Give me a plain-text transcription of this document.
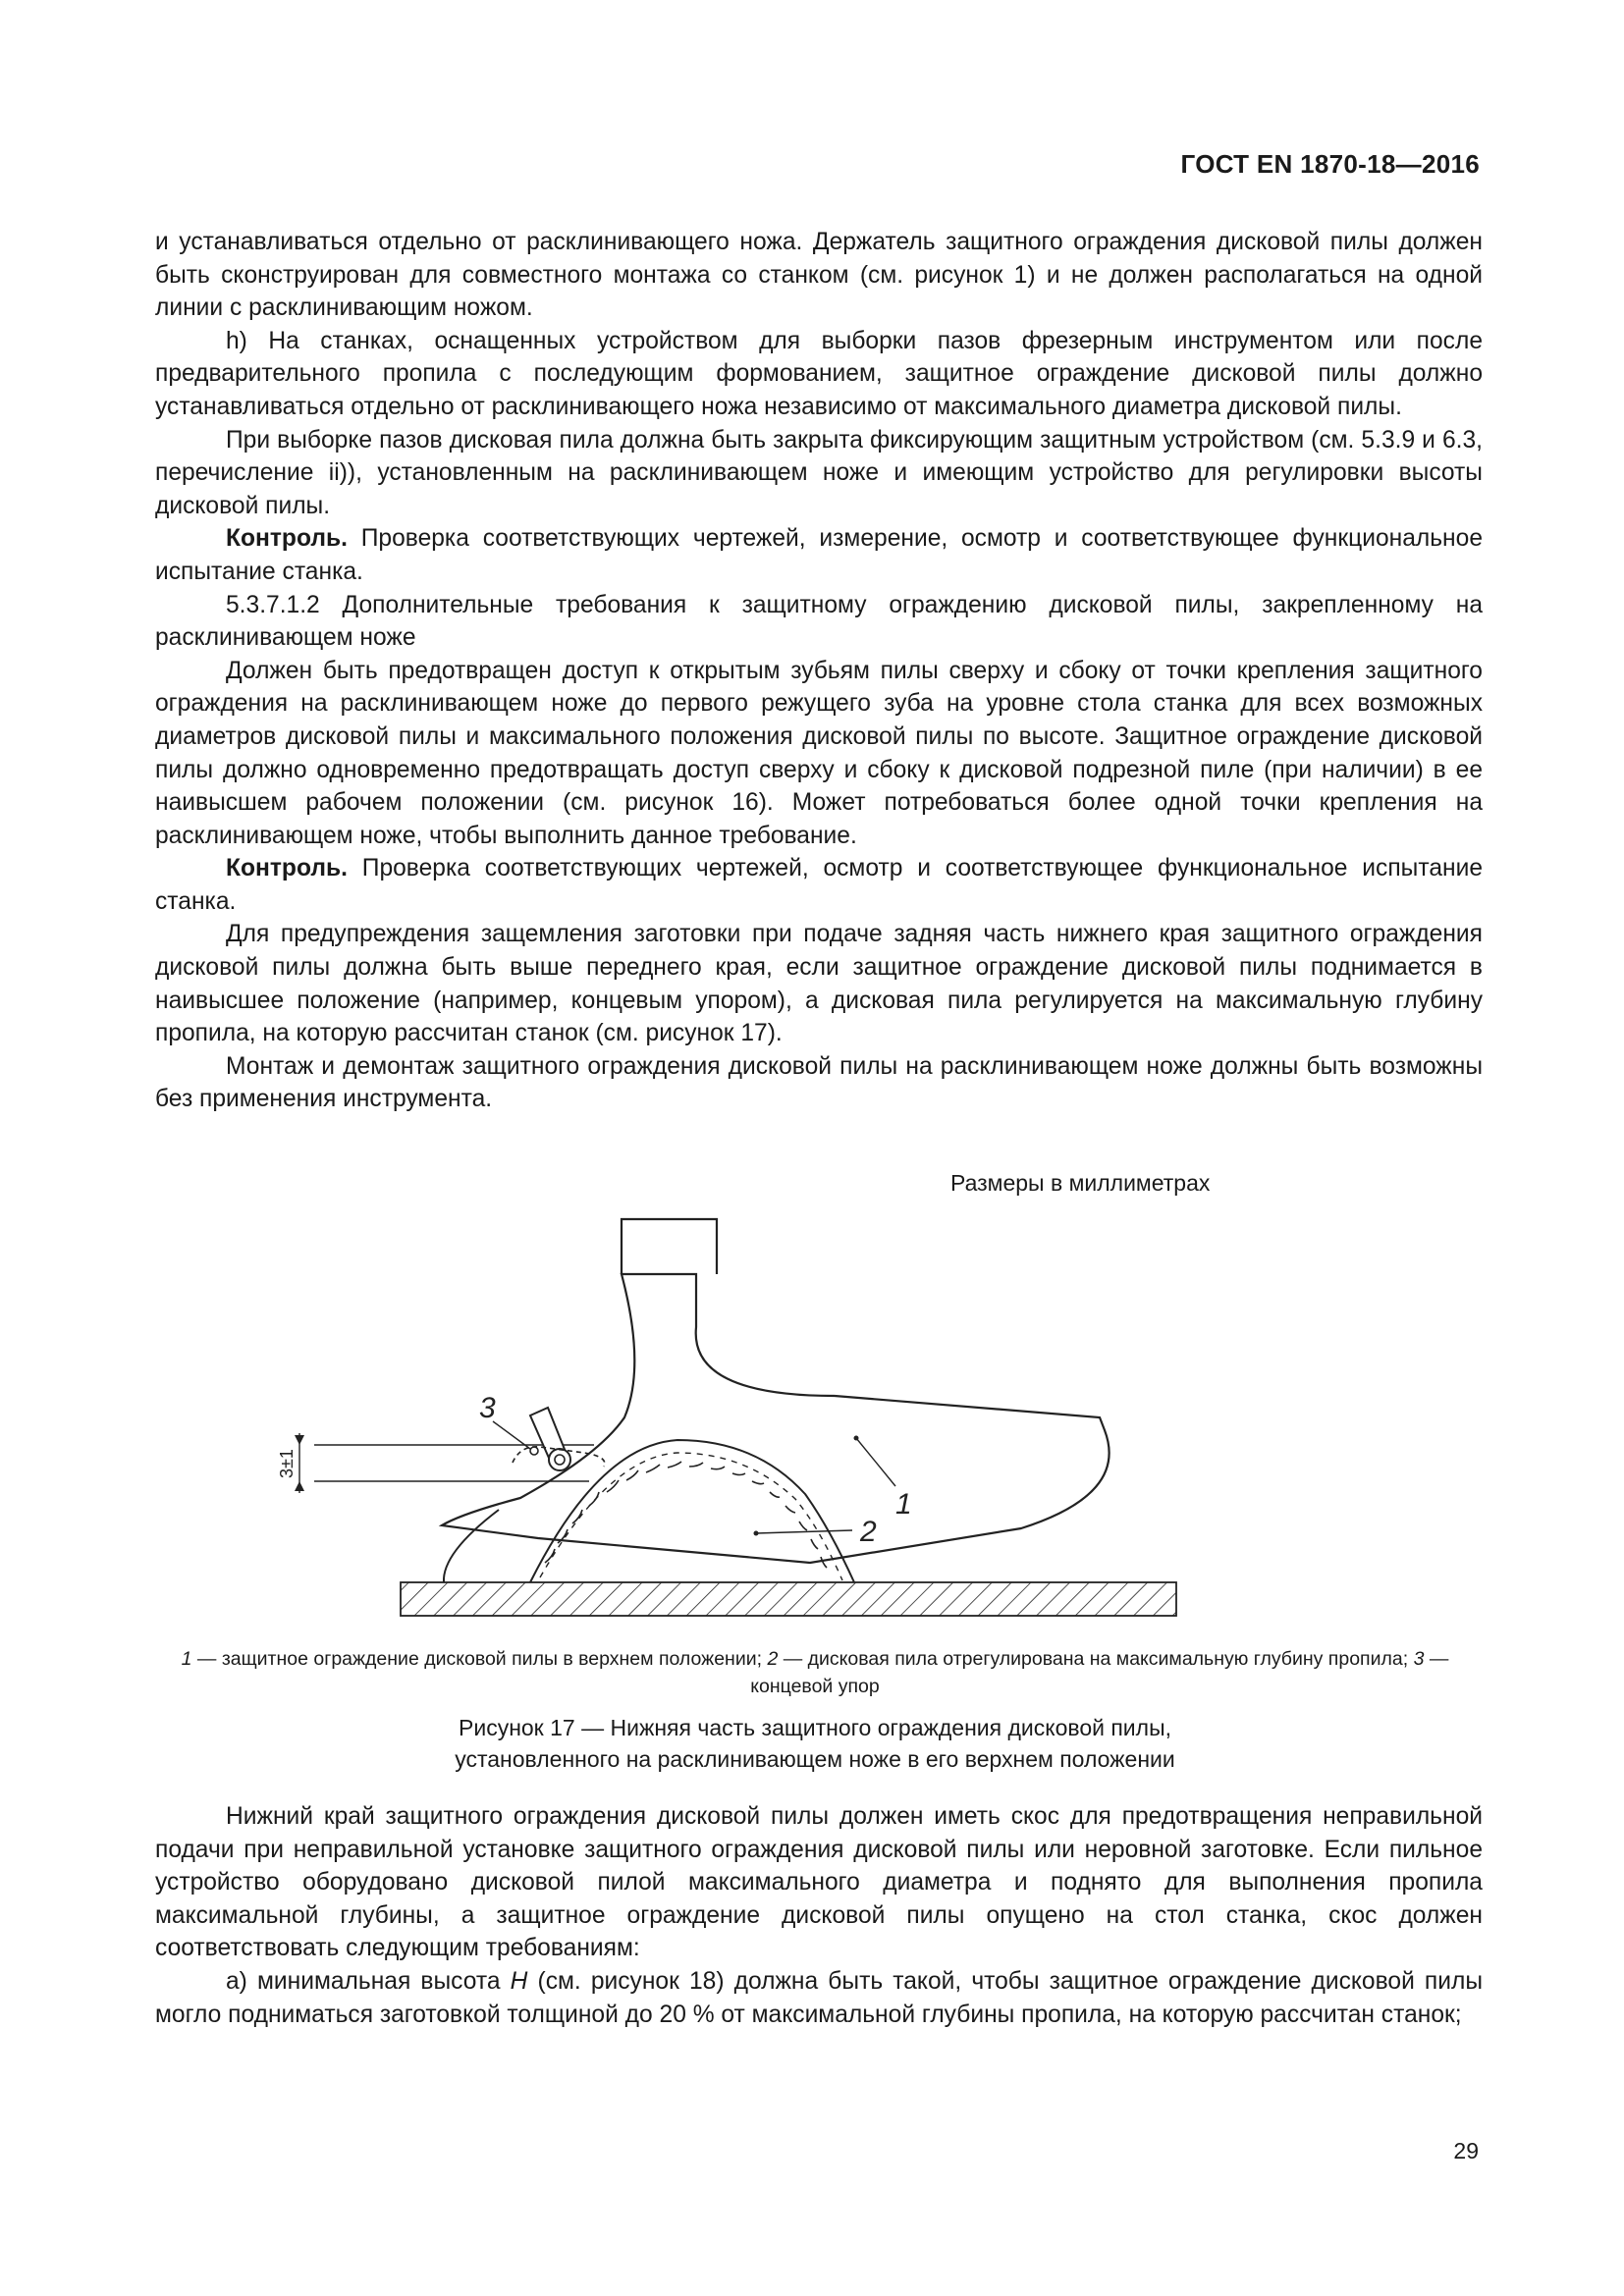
ГОСТ EN 1870-18—2016

и устанавливаться отдельно от расклинивающего ножа. Держатель защитного ограждения дисковой пилы должен быть сконструирован для совместного монтажа со станком (см. рисунок 1) и не должен располагаться на одной линии с расклинивающим ножом.

h) На станках, оснащенных устройством для выборки пазов фрезерным инструментом или после предварительного пропила с последующим формованием, защитное ограждение дисковой пилы должно устанавливаться отдельно от расклинивающего ножа независимо от максимального диаметра дисковой пилы.

При выборке пазов дисковая пила должна быть закрыта фиксирующим защитным устройством (см. 5.3.9 и 6.3, перечисление ii)), установленным на расклинивающем ноже и имеющим устройство для регулировки высоты дисковой пилы.

Контроль. Проверка соответствующих чертежей, измерение, осмотр и соответствующее функциональное испытание станка.

5.3.7.1.2 Дополнительные требования к защитному ограждению дисковой пилы, закрепленному на расклинивающем ноже

Должен быть предотвращен доступ к открытым зубьям пилы сверху и сбоку от точки крепления защитного ограждения на расклинивающем ноже до первого режущего зуба на уровне стола станка для всех возможных диаметров дисковой пилы и максимального положения дисковой пилы по высоте. Защитное ограждение дисковой пилы должно одновременно предотвращать доступ сверху и сбоку к дисковой подрезной пиле (при наличии) в ее наивысшем рабочем положении (см. рисунок 16). Может потребоваться более одной точки крепления на расклинивающем ноже, чтобы выполнить данное требование.

Контроль. Проверка соответствующих чертежей, осмотр и соответствующее функциональное испытание станка.

Для предупреждения защемления заготовки при подаче задняя часть нижнего края защитного ограждения дисковой пилы должна быть выше переднего края, если защитное ограждение дисковой пилы поднимается в наивысшее положение (например, концевым упором), а дисковая пила регулируется на максимальную глубину пропила, на которую рассчитан станок (см. рисунок 17).

Монтаж и демонтаж защитного ограждения дисковой пилы на расклинивающем ноже должны быть возможны без применения инструмента.

Размеры в миллиметрах
3±1
3
1
2
1 — защитное ограждение дисковой пилы в верхнем положении; 2 — дисковая пила отрегулирована на максимальную глубину пропила; 3 — концевой упор
Рисунок 17 — Нижняя часть защитного ограждения дисковой пилы,
установленного на расклинивающем ноже в его верхнем положении

Нижний край защитного ограждения дисковой пилы должен иметь скос для предотвращения неправильной подачи при неправильной установке защитного ограждения дисковой пилы или неровной заготовке. Если пильное устройство оборудовано дисковой пилой максимального диаметра и поднято для выполнения пропила максимальной глубины, а защитное ограждение дисковой пилы опущено на стол станка, скос должен соответствовать следующим требованиям:

а) минимальная высота H (см. рисунок 18) должна быть такой, чтобы защитное ограждение дисковой пилы могло подниматься заготовкой толщиной до 20 % от максимальной глубины пропила, на которую рассчитан станок;

29
